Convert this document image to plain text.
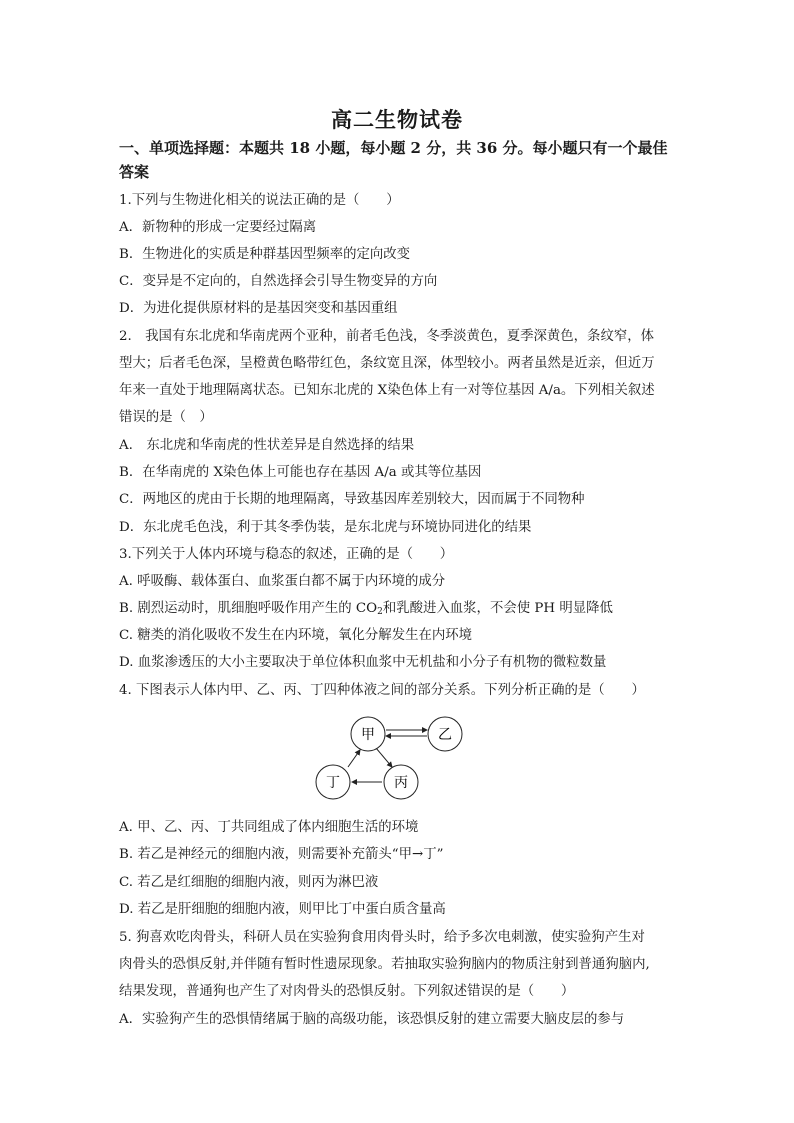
高二生物试卷
一、单项选择题：本题共 18 小题，每小题 2 分，共 36 分。每小题只有一个最佳答案
1.下列与生物进化相关的说法正确的是（　　）
A．新物种的形成一定要经过隔离
B．生物进化的实质是种群基因型频率的定向改变
C．变异是不定向的，自然选择会引导生物变异的方向
D．为进化提供原材料的是基因突变和基因重组
2.　我国有东北虎和华南虎两个亚种，前者毛色浅，冬季淡黄色，夏季深黄色，条纹窄，体
型大；后者毛色深，呈橙黄色略带红色，条纹宽且深，体型较小。两者虽然是近亲，但近万
年来一直处于地理隔离状态。已知东北虎的 X染色体上有一对等位基因 A/a。下列相关叙述
错误的是（　）
A.　东北虎和华南虎的性状差异是自然选择的结果
B．在华南虎的 X染色体上可能也存在基因 A/a 或其等位基因
C．两地区的虎由于长期的地理隔离，导致基因库差别较大，因而属于不同物种
D．东北虎毛色浅，利于其冬季伪装，是东北虎与环境协同进化的结果
3.下列关于人体内环境与稳态的叙述，正确的是（　　）
A. 呼吸酶、载体蛋白、血浆蛋白都不属于内环境的成分
B. 剧烈运动时，肌细胞呼吸作用产生的 $CO_2$和乳酸进入血浆，不会使 PH 明显降低
C. 糖类的消化吸收不发生在内环境，氧化分解发生在内环境
D. 血浆渗透压的大小主要取决于单位体积血浆中无机盐和小分子有机物的微粒数量
4. 下图表示人体内甲、乙、丙、丁四种体液之间的部分关系。下列分析正确的是（　　）
甲	乙
丁	丙
A. 甲、乙、丙、丁共同组成了体内细胞生活的环境
B. 若乙是神经元的细胞内液，则需要补充箭头“甲→丁”
C. 若乙是红细胞的细胞内液，则丙为淋巴液
D. 若乙是肝细胞的细胞内液，则甲比丁中蛋白质含量高
5. 狗喜欢吃肉骨头，科研人员在实验狗食用肉骨头时，给予多次电刺激，使实验狗产生对
肉骨头的恐惧反射,并伴随有暂时性遗尿现象。若抽取实验狗脑内的物质注射到普通狗脑内,
结果发现，普通狗也产生了对肉骨头的恐惧反射。下列叙述错误的是（　　）
A．实验狗产生的恐惧情绪属于脑的高级功能，该恐惧反射的建立需要大脑皮层的参与
